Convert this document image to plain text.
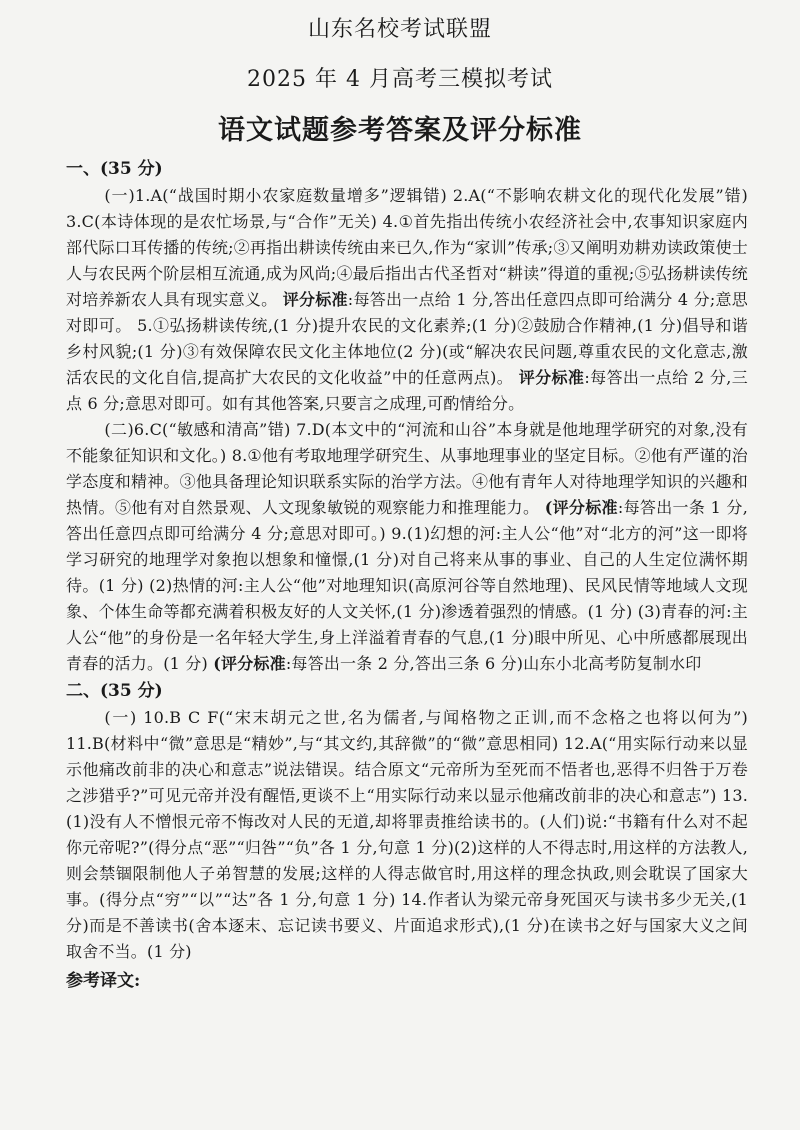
山东名校考试联盟
2025 年 4 月高考三模拟考试
语文试题参考答案及评分标准

一、(35 分)

(一)1.A(“战国时期小农家庭数量增多”逻辑错) 2.A(“不影响农耕文化的现代化发展”错) 3.C(本诗体现的是农忙场景,与“合作”无关) 4.①首先指出传统小农经济社会中,农事知识家庭内部代际口耳传播的传统;②再指出耕读传统由来已久,作为“家训”传承;③又阐明劝耕劝读政策使士人与农民两个阶层相互流通,成为风尚;④最后指出古代圣哲对“耕读”得道的重视;⑤弘扬耕读传统对培养新农人具有现实意义。 评分标准:每答出一点给 1 分,答出任意四点即可给满分 4 分;意思对即可。 5.①弘扬耕读传统,(1 分)提升农民的文化素养;(1 分)②鼓励合作精神,(1 分)倡导和谐乡村风貌;(1 分)③有效保障农民文化主体地位(2 分)(或“解决农民问题,尊重农民的文化意志,激活农民的文化自信,提高扩大农民的文化收益”中的任意两点)。 评分标准:每答出一点给 2 分,三点 6 分;意思对即可。如有其他答案,只要言之成理,可酌情给分。

(二)6.C(“敏感和清高”错) 7.D(本文中的“河流和山谷”本身就是他地理学研究的对象,没有不能象征知识和文化。) 8.①他有考取地理学研究生、从事地理事业的坚定目标。②他有严谨的治学态度和精神。③他具备理论知识联系实际的治学方法。④他有青年人对待地理学知识的兴趣和热情。⑤他有对自然景观、人文现象敏锐的观察能力和推理能力。 (评分标准:每答出一条 1 分,答出任意四点即可给满分 4 分;意思对即可。) 9.(1)幻想的河:主人公“他”对“北方的河”这一即将学习研究的地理学对象抱以想象和憧憬,(1 分)对自己将来从事的事业、自己的人生定位满怀期待。(1 分) (2)热情的河:主人公“他”对地理知识(高原河谷等自然地理)、民风民情等地域人文现象、个体生命等都充满着积极友好的人文关怀,(1 分)渗透着强烈的情感。(1 分) (3)青春的河:主人公“他”的身份是一名年轻大学生,身上洋溢着青春的气息,(1 分)眼中所见、心中所感都展现出青春的活力。(1 分) (评分标准:每答出一条 2 分,答出三条 6 分)山东小北高考防复制水印

二、(35 分)

(一) 10.B C F(“宋末胡元之世,名为儒者,与闻格物之正训,而不念格之也将以何为”) 11.B(材料中“微”意思是“精妙”,与“其文约,其辞微”的“微”意思相同) 12.A(“用实际行动来以显示他痛改前非的决心和意志”说法错误。结合原文“元帝所为至死而不悟者也,恶得不归咎于万卷之涉猎乎?”可见元帝并没有醒悟,更谈不上“用实际行动来以显示他痛改前非的决心和意志”) 13.(1)没有人不憎恨元帝不悔改对人民的无道,却将罪责推给读书的。(人们)说:“书籍有什么对不起你元帝呢?”(得分点“恶”“归咎”“负”各 1 分,句意 1 分)(2)这样的人不得志时,用这样的方法教人,则会禁锢限制他人子弟智慧的发展;这样的人得志做官时,用这样的理念执政,则会耽误了国家大事。(得分点“穷”“以”“达”各 1 分,句意 1 分) 14.作者认为梁元帝身死国灭与读书多少无关,(1 分)而是不善读书(舍本逐末、忘记读书要义、片面追求形式),(1 分)在读书之好与国家大义之间取舍不当。(1 分)

参考译文:
